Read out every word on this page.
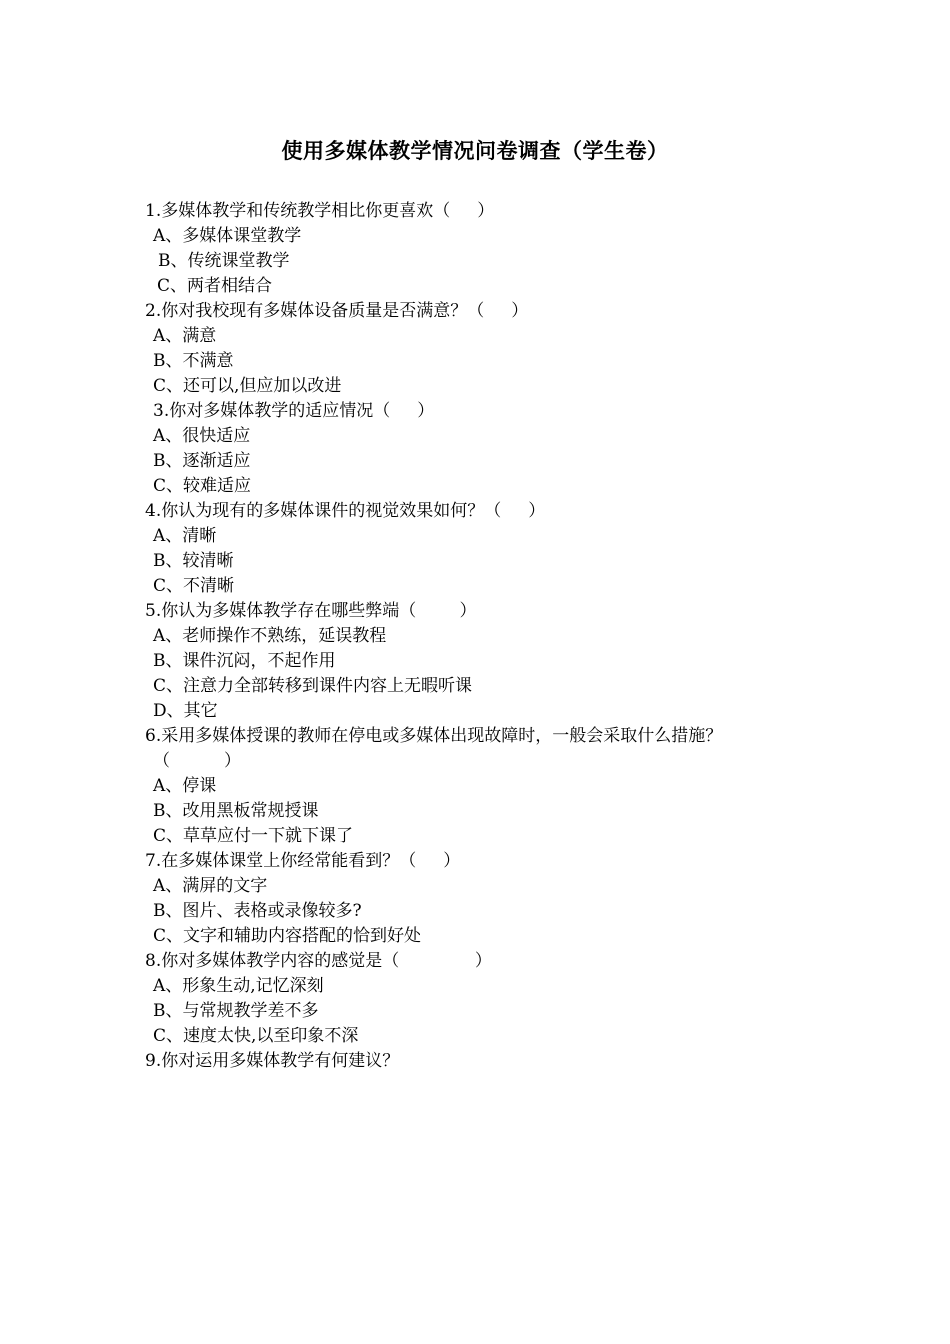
使用多媒体教学情况问卷调查（学生卷）
1.多媒体教学和传统教学相比你更喜欢（     ）
A、多媒体课堂教学
B、传统课堂教学
C、两者相结合
2.你对我校现有多媒体设备质量是否满意？（     ）
A、满意
B、不满意
C、还可以,但应加以改进
3.你对多媒体教学的适应情况（     ）
A、很快适应
B、逐渐适应
C、较难适应
4.你认为现有的多媒体课件的视觉效果如何？（     ）
A、清晰
B、较清晰
C、不清晰
5.你认为多媒体教学存在哪些弊端（        ）
A、老师操作不熟练，延误教程
B、课件沉闷，不起作用
C、注意力全部转移到课件内容上无暇听课
D、其它
6.采用多媒体授课的教师在停电或多媒体出现故障时，一般会采取什么措施？
（          ）
A、停课
B、改用黑板常规授课
C、草草应付一下就下课了
7.在多媒体课堂上你经常能看到？（     ）
A、满屏的文字
B、图片、表格或录像较多?
C、文字和辅助内容搭配的恰到好处
8.你对多媒体教学内容的感觉是（              ）
A、形象生动,记忆深刻
B、与常规教学差不多
C、速度太快,以至印象不深
9.你对运用多媒体教学有何建议？
